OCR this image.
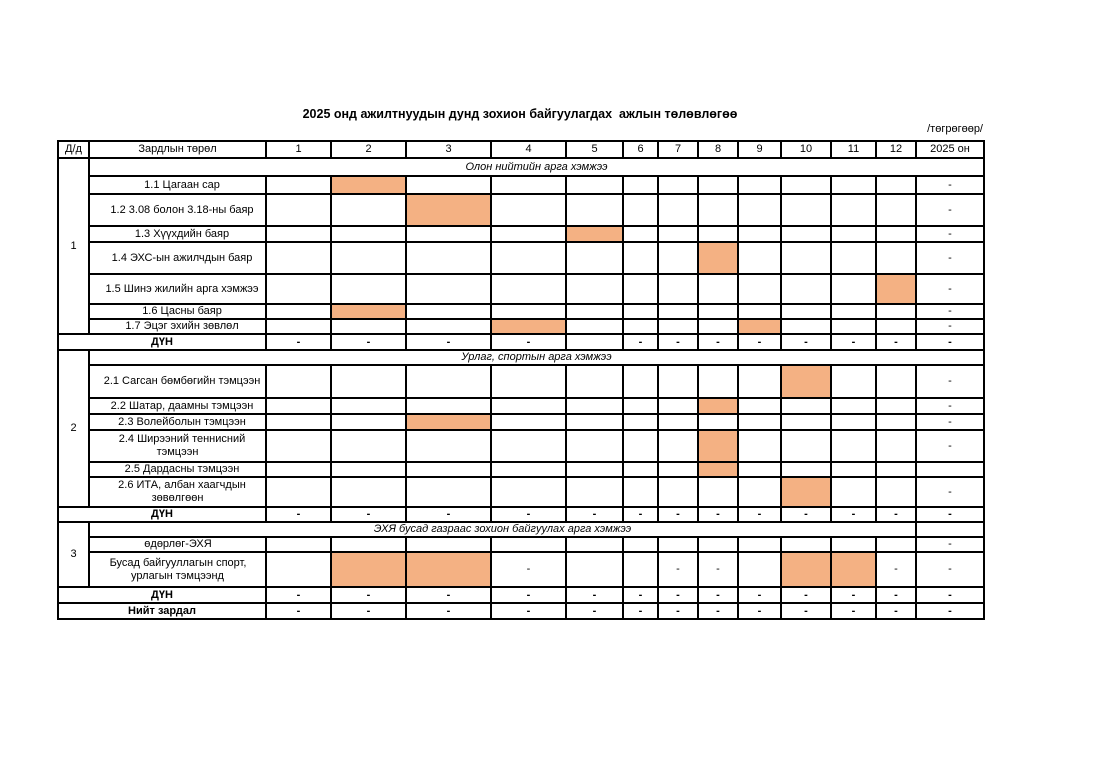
2025 онд ажилтнуудын дунд зохион байгуулагдах  ажлын төлөвлөгөө
/төгрөгөөр/
Д/д	Зардлын төрөл	1	2	3	4	5	6	7	8	9	10	11	12	2025 он
1	Олон нийтийн арга хэмжээ													
	1.1 Цагаан сар													-
	1.2 3.08 болон 3.18-ны баяр													-
	1.3 Хүүхдийн баяр													-
	1.4 ЭХС-ын ажилчдын баяр													-
	1.5 Шинэ жилийн арга хэмжээ													-
	1.6 Цасны баяр													-
	1.7 Эцэг эхийн зөвлөл													-
ДҮН		-	-	-	-		-	-	-	-	-	-	-	-
2	Урлаг, спортын арга хэмжээ													
	2.1 Сагсан бөмбөгийн тэмцээн													-
	2.2 Шатар, даамны тэмцээн													-
	2.3 Волейболын тэмцээн													-
	2.4 Ширээний теннисний тэмцээн													-
	2.5 Дардасны тэмцээн													
	2.6 ИТА, албан хаагчдын зөвөлгөөн													-
ДҮН		-	-	-	-	-	-	-	-	-	-	-	-	-
3	ЭХЯ бусад газраас зохион байгуулах арга хэмжээ													
	өдөрлөг-ЭХЯ													-
	Бусад байгууллагын спорт, урлагын тэмцээнд				-			-	-				-	-
ДҮН		-	-	-	-	-	-	-	-	-	-	-	-	-
Нийт зардал		-	-	-	-	-	-	-	-	-	-	-	-	-
